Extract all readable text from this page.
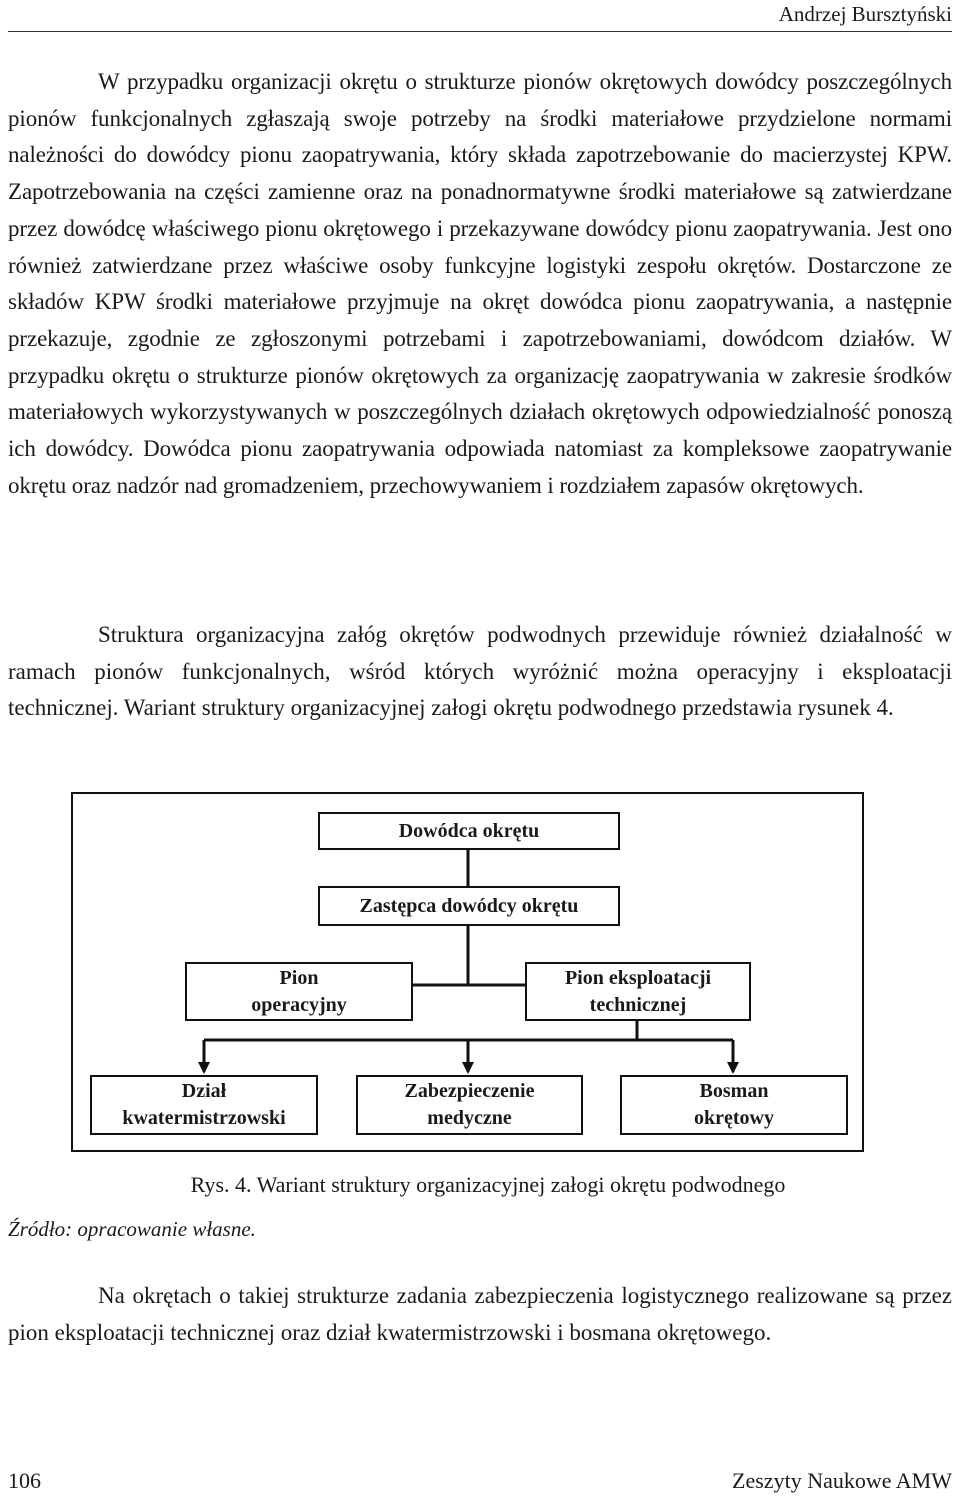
Andrzej Bursztyński

W przypadku organizacji okrętu o strukturze pionów okrętowych dowódcy poszczególnych pionów funkcjonalnych zgłaszają swoje potrzeby na środki materiałowe przydzielone normami należności do dowódcy pionu zaopatrywania, który składa zapotrzebowanie do macierzystej KPW. Zapotrzebowania na części zamienne oraz na ponadnormatywne środki materiałowe są zatwierdzane przez dowódcę właściwego pionu okrętowego i przekazywane dowódcy pionu zaopatrywania. Jest ono również zatwierdzane przez właściwe osoby funkcyjne logistyki zespołu okrętów. Dostarczone ze składów KPW środki materiałowe przyjmuje na okręt dowódca pionu zaopatrywania, a następnie przekazuje, zgodnie ze zgłoszonymi potrzebami i zapotrzebowaniami, dowódcom działów. W przypadku okrętu o strukturze pionów okrętowych za organizację zaopatrywania w zakresie środków materiałowych wykorzystywanych w poszczególnych działach okrętowych odpowiedzialność ponoszą ich dowódcy. Dowódca pionu zaopatrywania odpowiada natomiast za kompleksowe zaopatrywanie okrętu oraz nadzór nad gromadzeniem, przechowywaniem i rozdziałem zapasów okrętowych.

Struktura organizacyjna załóg okrętów podwodnych przewiduje również działalność w ramach pionów funkcjonalnych, wśród których wyróżnić można operacyjny i eksploatacji technicznej. Wariant struktury organizacyjnej załogi okrętu podwodnego przedstawia rysunek 4.

Dowódca okrętu
Zastępca dowódcy okrętu
Pion
operacyjny
Pion eksploatacji
technicznej
Dział
kwatermistrzowski
Zabezpieczenie
medyczne
Bosman
okrętowy
Rys. 4. Wariant struktury organizacyjnej załogi okrętu podwodnego
Źródło: opracowanie własne.

Na okrętach o takiej strukturze zadania zabezpieczenia logistycznego realizowane są przez pion eksploatacji technicznej oraz dział kwatermistrzowski i bosmana okrętowego.

106	Zeszyty Naukowe AMW
